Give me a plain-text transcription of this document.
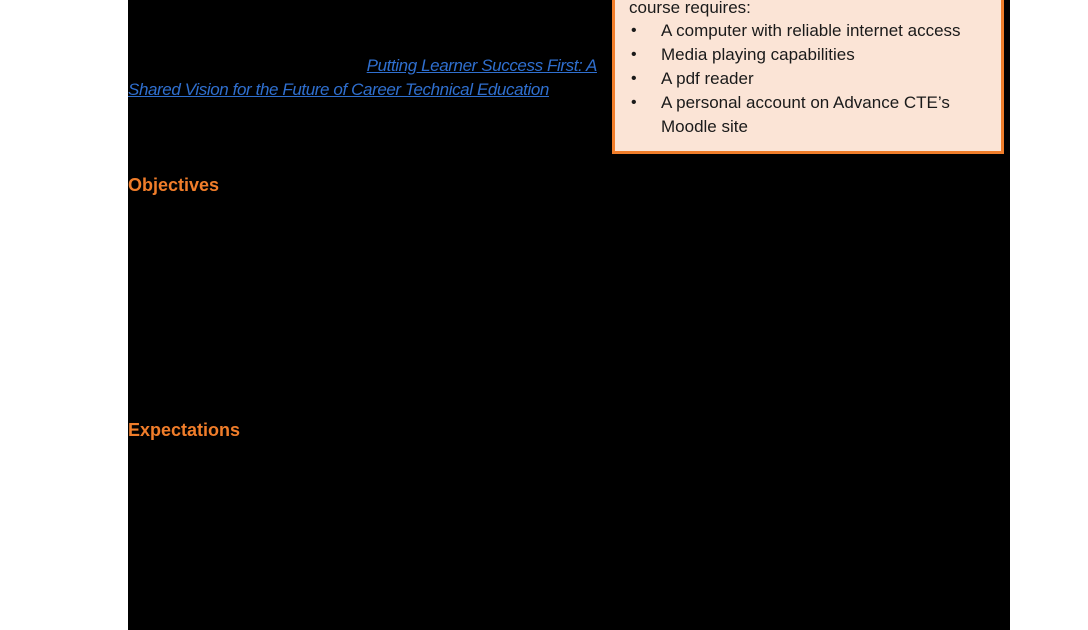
Putting Learner Success First: A
Shared Vision for the Future of Career Technical Education
Objectives
Expectations

course requires:

• A computer with reliable internet access
• Media playing capabilities
• A pdf reader
• A personal account on Advance CTE’s Moodle site
